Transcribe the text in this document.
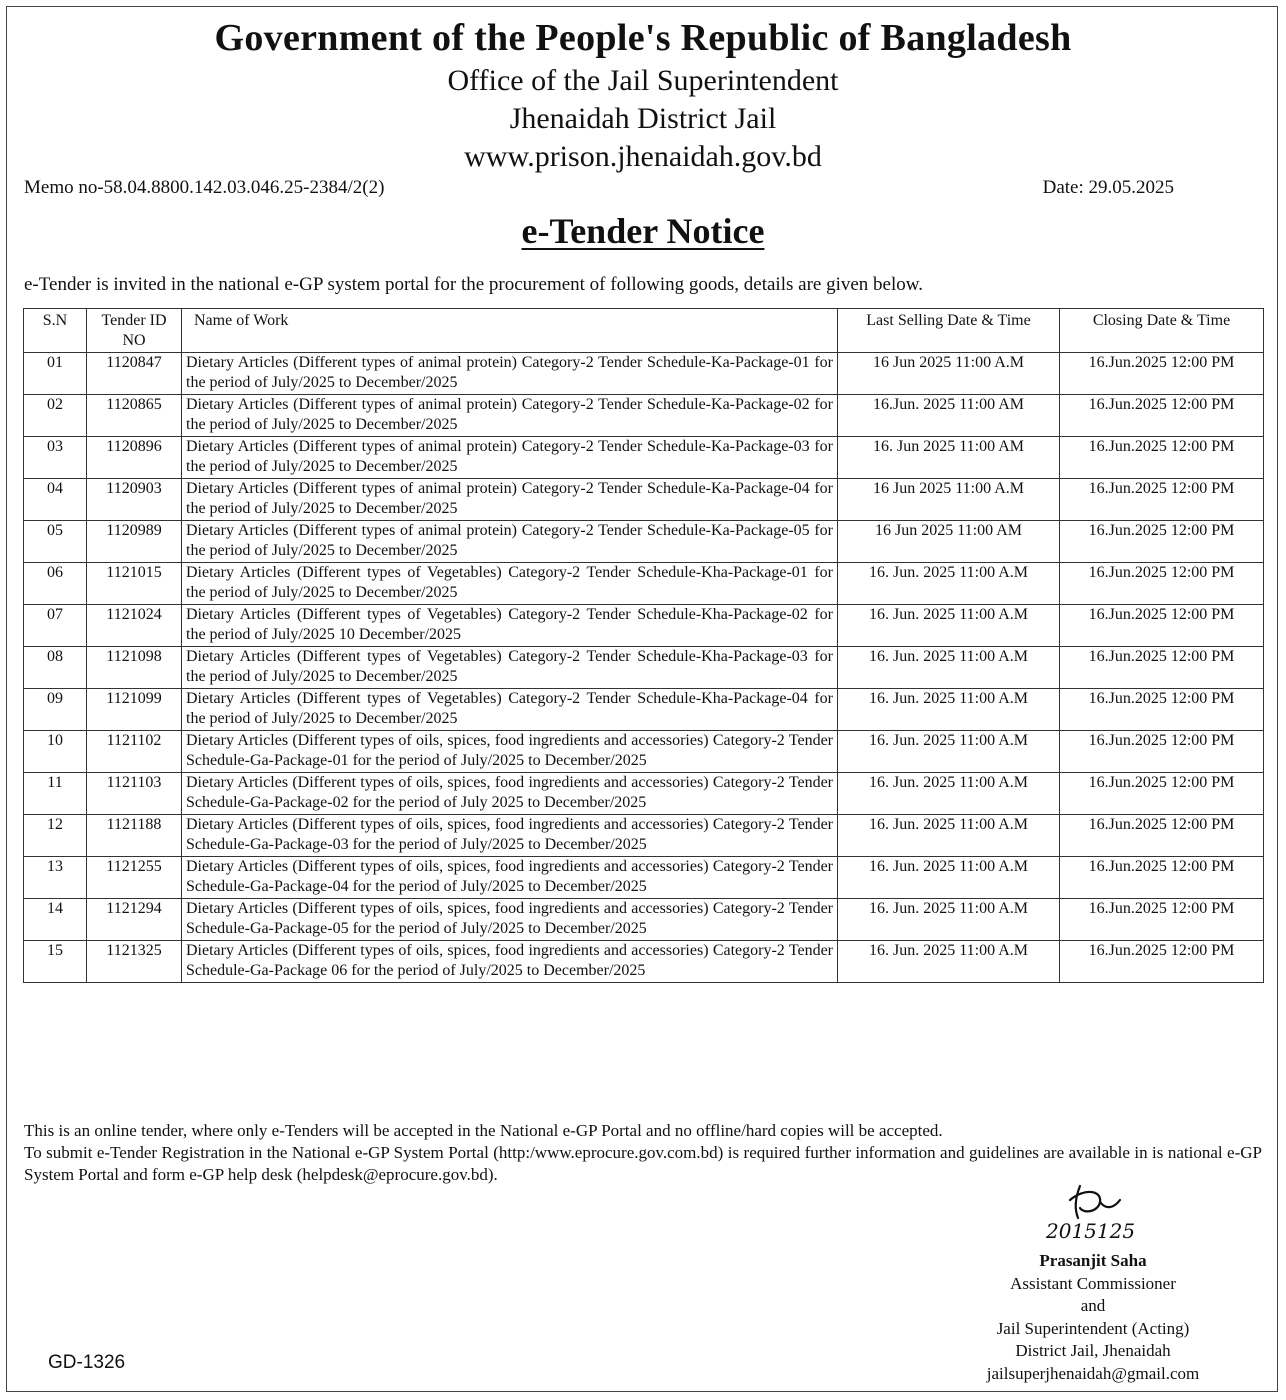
Government of the People's Republic of Bangladesh
Office of the Jail Superintendent
Jhenaidah District Jail
www.prison.jhenaidah.gov.bd
Memo no-58.04.8800.142.03.046.25-2384/2(2)	Date: 29.05.2025
e-Tender Notice
e-Tender is invited in the national e-GP system portal for the procurement of following goods, details are given below.
S.N	Tender ID NO	Name of Work	Last Selling Date & Time	Closing Date & Time
01	1120847	Dietary Articles (Different types of animal protein) Category-2 Tender Schedule-Ka-Package-01 for the period of July/2025 to December/2025	16 Jun 2025 11:00 A.M	16.Jun.2025 12:00 PM
02	1120865	Dietary Articles (Different types of animal protein) Category-2 Tender Schedule-Ka-Package-02 for the period of July/2025 to December/2025	16.Jun. 2025 11:00 AM	16.Jun.2025 12:00 PM
03	1120896	Dietary Articles (Different types of animal protein) Category-2 Tender Schedule-Ka-Package-03 for the period of July/2025 to December/2025	16. Jun 2025 11:00 AM	16.Jun.2025 12:00 PM
04	1120903	Dietary Articles (Different types of animal protein) Category-2 Tender Schedule-Ka-Package-04 for the period of July/2025 to December/2025	16 Jun 2025 11:00 A.M	16.Jun.2025 12:00 PM
05	1120989	Dietary Articles (Different types of animal protein) Category-2 Tender Schedule-Ka-Package-05 for the period of July/2025 to December/2025	16 Jun 2025 11:00 AM	16.Jun.2025 12:00 PM
06	1121015	Dietary Articles (Different types of Vegetables) Category-2 Tender Schedule-Kha-Package-01 for the period of July/2025 to December/2025	16. Jun. 2025 11:00 A.M	16.Jun.2025 12:00 PM
07	1121024	Dietary Articles (Different types of Vegetables) Category-2 Tender Schedule-Kha-Package-02 for the period of July/2025 10 December/2025	16. Jun. 2025 11:00 A.M	16.Jun.2025 12:00 PM
08	1121098	Dietary Articles (Different types of Vegetables) Category-2 Tender Schedule-Kha-Package-03 for the period of July/2025 to December/2025	16. Jun. 2025 11:00 A.M	16.Jun.2025 12:00 PM
09	1121099	Dietary Articles (Different types of Vegetables) Category-2 Tender Schedule-Kha-Package-04 for the period of July/2025 to December/2025	16. Jun. 2025 11:00 A.M	16.Jun.2025 12:00 PM
10	1121102	Dietary Articles (Different types of oils, spices, food ingredients and accessories) Category-2 Tender Schedule-Ga-Package-01 for the period of July/2025 to December/2025	16. Jun. 2025 11:00 A.M	16.Jun.2025 12:00 PM
11	1121103	Dietary Articles (Different types of oils, spices, food ingredients and accessories) Category-2 Tender Schedule-Ga-Package-02 for the period of July 2025 to December/2025	16. Jun. 2025 11:00 A.M	16.Jun.2025 12:00 PM
12	1121188	Dietary Articles (Different types of oils, spices, food ingredients and accessories) Category-2 Tender Schedule-Ga-Package-03 for the period of July/2025 to December/2025	16. Jun. 2025 11:00 A.M	16.Jun.2025 12:00 PM
13	1121255	Dietary Articles (Different types of oils, spices, food ingredients and accessories) Category-2 Tender Schedule-Ga-Package-04 for the period of July/2025 to December/2025	16. Jun. 2025 11:00 A.M	16.Jun.2025 12:00 PM
14	1121294	Dietary Articles (Different types of oils, spices, food ingredients and accessories) Category-2 Tender Schedule-Ga-Package-05 for the period of July/2025 to December/2025	16. Jun. 2025 11:00 A.M	16.Jun.2025 12:00 PM
15	1121325	Dietary Articles (Different types of oils, spices, food ingredients and accessories) Category-2 Tender Schedule-Ga-Package 06 for the period of July/2025 to December/2025	16. Jun. 2025 11:00 A.M	16.Jun.2025 12:00 PM

This is an online tender, where only e-Tenders will be accepted in the National e-GP Portal and no offline/hard copies will be accepted.

To submit e-Tender Registration in the National e-GP System Portal (http:/www.eprocure.gov.com.bd) is required further information and guidelines are available in is national e-GP System Portal and form e-GP help desk (helpdesk@eprocure.gov.bd).

2015125
Prasanjit Saha
Assistant Commissioner
and
Jail Superintendent (Acting)
District Jail, Jhenaidah
jailsuperjhenaidah@gmail.com
GD-1326
